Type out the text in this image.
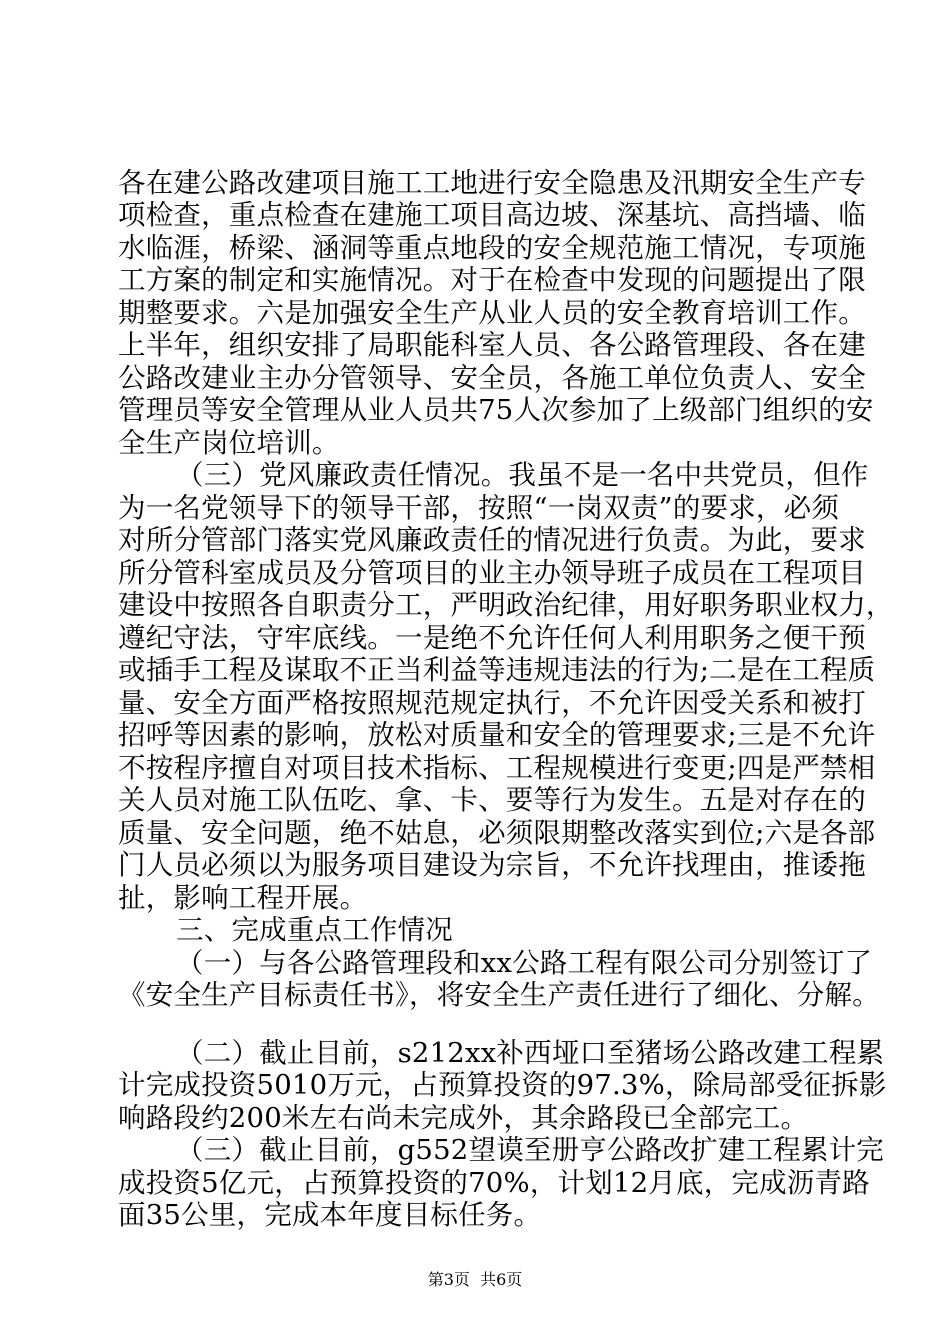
各在建公路改建项目施工工地进行安全隐患及汛期安全生产专
项检查，重点检查在建施工项目高边坡、深基坑、高挡墙、临
水临涯，桥梁、涵洞等重点地段的安全规范施工情况，专项施
工方案的制定和实施情况。对于在检查中发现的问题提出了限
期整要求。六是加强安全生产从业人员的安全教育培训工作。
上半年，组织安排了局职能科室人员、各公路管理段、各在建
公路改建业主办分管领导、安全员，各施工单位负责人、安全
管理员等安全管理从业人员共75人次参加了上级部门组织的安
全生产岗位培训。
（三）党风廉政责任情况。我虽不是一名中共党员，但作
为一名党领导下的领导干部，按照“一岗双责”的要求，必须
对所分管部门落实党风廉政责任的情况进行负责。为此，要求
所分管科室成员及分管项目的业主办领导班子成员在工程项目
建设中按照各自职责分工，严明政治纪律，用好职务职业权力，
遵纪守法，守牢底线。一是绝不允许任何人利用职务之便干预
或插手工程及谋取不正当利益等违规违法的行为;二是在工程质
量、安全方面严格按照规范规定执行，不允许因受关系和被打
招呼等因素的影响，放松对质量和安全的管理要求;三是不允许
不按程序擅自对项目技术指标、工程规模进行变更;四是严禁相
关人员对施工队伍吃、拿、卡、要等行为发生。五是对存在的
质量、安全问题，绝不姑息，必须限期整改落实到位;六是各部
门人员必须以为服务项目建设为宗旨，不允许找理由，推诿拖
扯，影响工程开展。
三、完成重点工作情况
（一）与各公路管理段和xx公路工程有限公司分别签订了
《安全生产目标责任书》，将安全生产责任进行了细化、分解。
（二）截止目前，s212xx补西垭口至猪场公路改建工程累
计完成投资5010万元，占预算投资的97.3%，除局部受征拆影
响路段约200米左右尚未完成外，其余路段已全部完工。
（三）截止目前，g552望谟至册亨公路改扩建工程累计完
成投资5亿元，占预算投资的70%，计划12月底，完成沥青路
面35公里，完成本年度目标任务。
第3页  共6页
